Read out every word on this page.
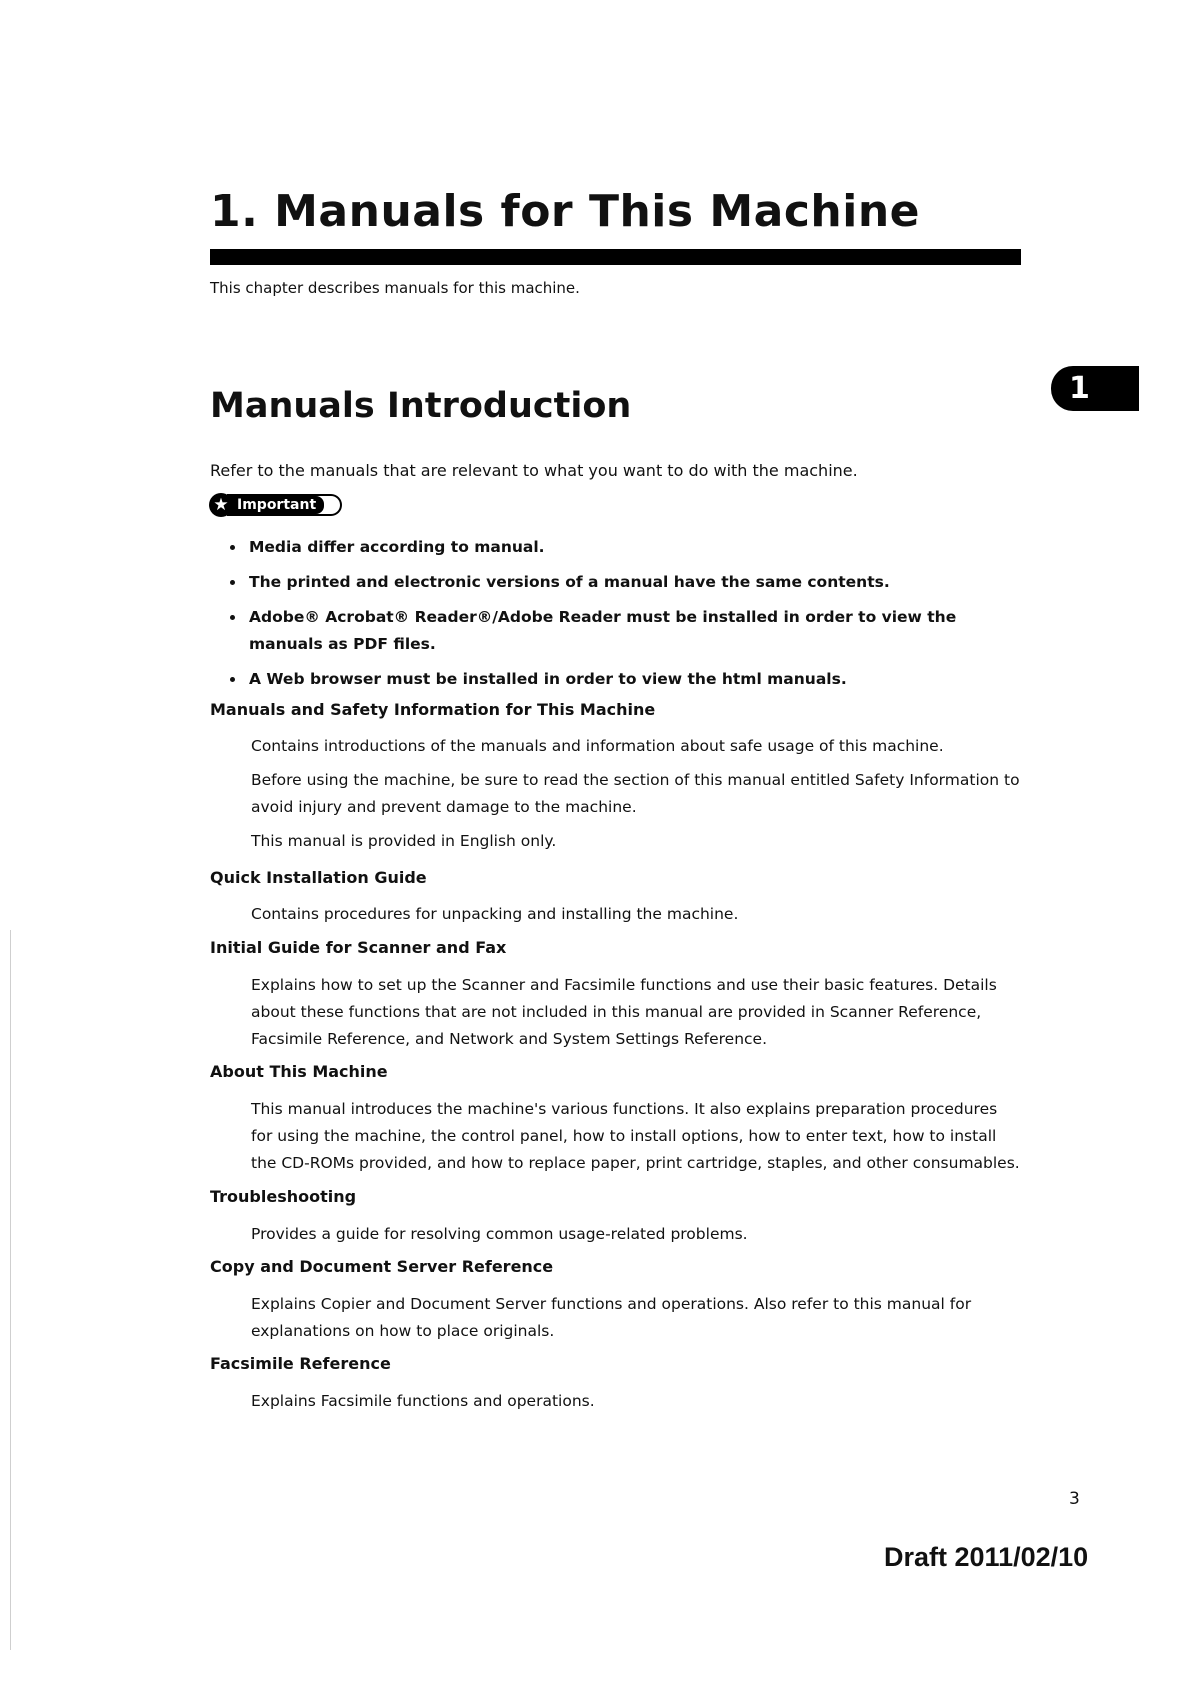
1. Manuals for This Machine

This chapter describes manuals for this machine.

Manuals Introduction	1

Refer to the manuals that are relevant to what you want to do with the machine.

★ Important
Media differ according to manual.
The printed and electronic versions of a manual have the same contents.
Adobe® Acrobat® Reader®/Adobe Reader must be installed in order to view the manuals as PDF files.
A Web browser must be installed in order to view the html manuals.
Manuals and Safety Information for This Machine

Contains introductions of the manuals and information about safe usage of this machine.

Before using the machine, be sure to read the section of this manual entitled Safety Information to avoid injury and prevent damage to the machine.

This manual is provided in English only.

Quick Installation Guide

Contains procedures for unpacking and installing the machine.

Initial Guide for Scanner and Fax

Explains how to set up the Scanner and Facsimile functions and use their basic features. Details about these functions that are not included in this manual are provided in Scanner Reference, Facsimile Reference, and Network and System Settings Reference.

About This Machine

This manual introduces the machine's various functions. It also explains preparation procedures for using the machine, the control panel, how to install options, how to enter text, how to install the CD-ROMs provided, and how to replace paper, print cartridge, staples, and other consumables.

Troubleshooting

Provides a guide for resolving common usage-related problems.

Copy and Document Server Reference

Explains Copier and Document Server functions and operations. Also refer to this manual for explanations on how to place originals.

Facsimile Reference

Explains Facsimile functions and operations.

3

Draft 2011/02/10
